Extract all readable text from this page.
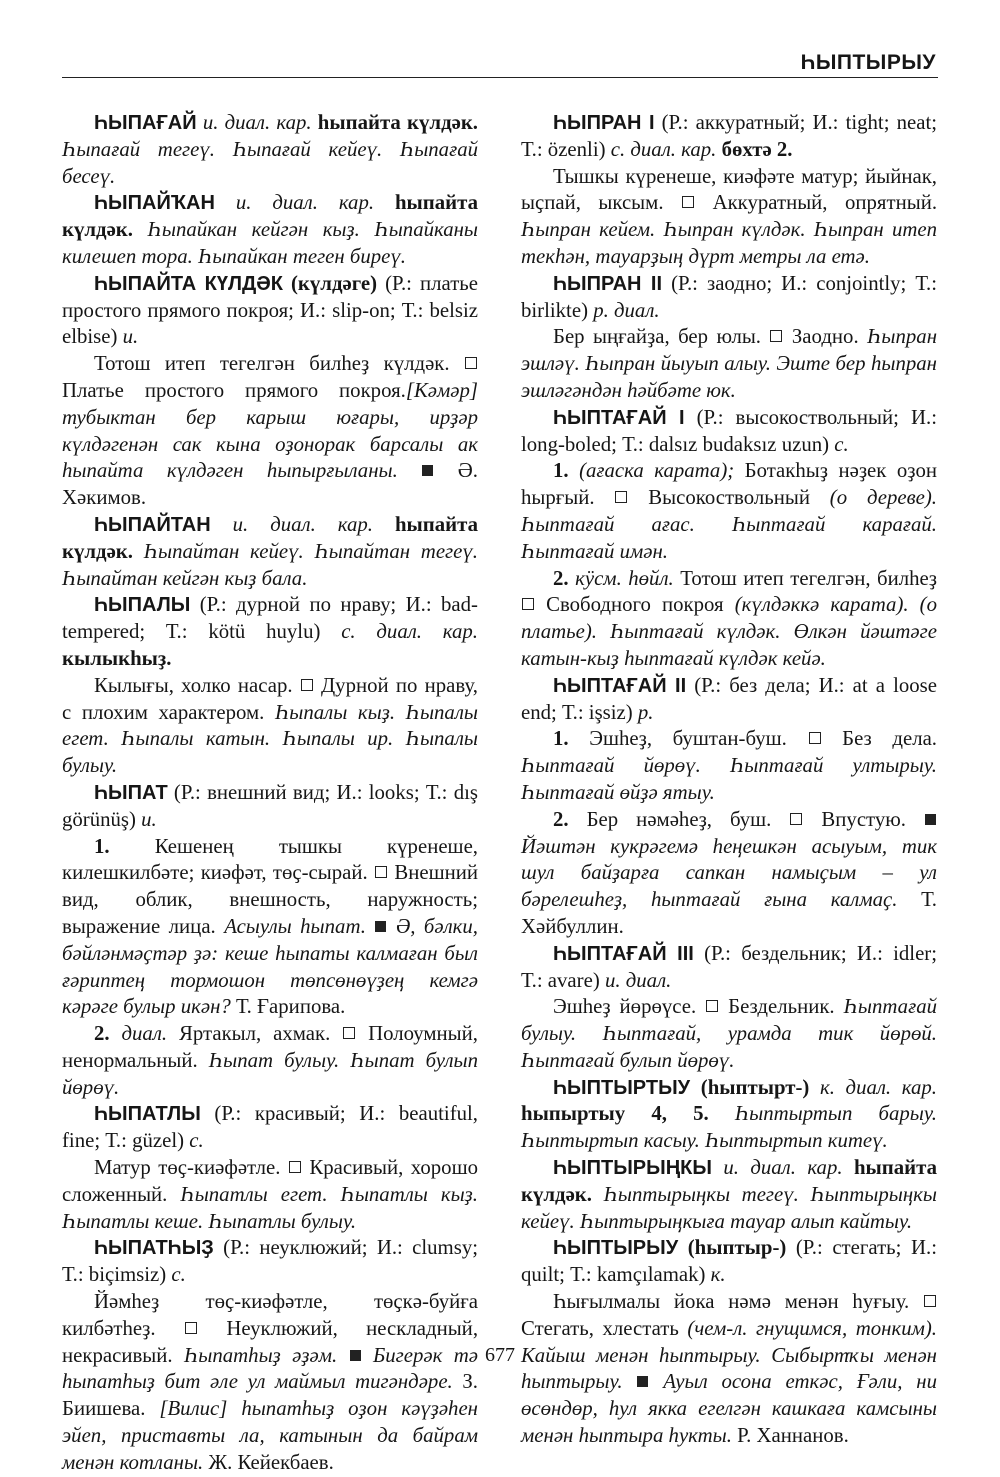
ҺЫПТЫРЫУ

ҺЫПАҒАЙ и. диал. кар. һыпайта күлдәк. Һыпағай тегеү. Һыпағай кейеү. Һыпағай бесеү.

ҺЫПАЙҠАН и. диал. кар. һыпайта күлдәк. Һыпайкан кейгән кыҙ. Һыпайканы килешеп тора. Һыпайкан теген биреү.

ҺЫПАЙТА КҮЛДӘК (күлдәге) (Р.: платье простого прямого покроя; И.: slip-on; Т.: belsiz elbise) и.

Тотош итеп тегелгән билһеҙ күлдәк.  Платье простого прямого покроя.[Кәмәр] тубыктан бер карыш юғары, ирҙәр күлдәгенән сак кына оҙонорак барсалы ак һыпайта күлдәген һыпырғыланы.	Ә. Хәкимов.

ҺЫПАЙТАН и. диал. кар. һыпайта күлдәк. Һыпайтан кейеү. Һыпайтан тегеү. Һыпайтан кейгән кыҙ бала.

ҺЫПАЛЫ (Р.: дурной по нраву; И.: bad-tempered; Т.: kötü huylu) с. диал. кар. кылыкһыҙ.

Кылығы, холко насар. Дурной по нраву, с плохим характером. Һыпалы кыҙ. Һыпалы егет. Һыпалы катын. Һыпалы ир. Һыпалы булыу.

ҺЫПАТ (Р.: внешний вид; И.: looks; Т.: dış görünüş) и.

1. Кешенең тышкы күренеше, килешкилбәте; киәфәт, төҫ-сырай. Внешний вид, облик, внешность, наружность; выражение лица. Асыулы һыпат. Ә, бәлки, бәйләнмәҫтәр ҙә: кеше һыпаты калмаған был ғәриптең тормошон төпсөнөүҙең кемгә кәрәге булыр икән? Т. Ғарипова.

2. диал. Яртакыл, ахмак. Полоумный, ненормальный. Һыпат булыу. Һыпат булып йөрөү.

ҺЫПАТЛЫ (Р.: красивый; И.: beautiful, fine; Т.: güzel) с.

Матур төҫ-киәфәтле. Красивый, хорошо сложенный. Һыпатлы егет. Һыпатлы кыҙ. Һыпатлы кеше. Һыпатлы булыу.

ҺЫПАТҺЫҘ (Р.: неуклюжий; И.: clumsy; Т.: biçimsiz) с.

Йәмһеҙ төҫ-киәфәтле, төҫкә-буйға килбәтһеҙ.	Неуклюжий, нескладный, некрасивый. Һыпатһыҙ әҙәм. Бигерәк тә һыпатһыҙ бит әле ул маймыл тигәндәре. З. Биишева. [Вилис] һыпатһыҙ оҙон кәүҙәһен эйеп, приставты ла, катынын да байрам менән котланы. Ж. Кейекбаев.

ҺЫПРАН I (Р.: аккуратный; И.: tight; neat; Т.: özenli) с. диал. кар. бөхтә 2.

Тышкы күренеше, киәфәте матур; йыйнак, ыҫпай, ыксым. Аккуратный, опрятный. Һыпран кейем. Һыпран күлдәк. Һыпран итеп текһән, тауарҙың дүрт метры ла етә.

ҺЫПРАН II (Р.: заодно; И.: conjointly; Т.: birlikte) р. диал.

Бер ыңғайҙа, бер юлы. Заодно. Һыпран эшләү. Һыпран йыуып алыу. Эште бер һыпран эшләгәндән һәйбәте юк.

ҺЫПТАҒАЙ I (Р.: высокоствольный; И.: long-boled; Т.: dalsız budaksız uzun) с.

1. (ағаска карата); Ботакһыҙ нәҙек оҙон һырғый.	Высокоствольный (о дереве). Һыптағай ағас. Һыптағай карағай. Һыптағай имән.

2. кӱсм. һөйл. Тотош итеп тегелгән, билһеҙ  Свободного покроя (күлдәккә карата). (о платье). Һыптағай күлдәк. Өлкән йәштәге катын-кыҙ һыптағай күлдәк кейә.

ҺЫПТАҒАЙ II (Р.: без дела; И.: at a loose end; Т.: işsiz) р.

1. Эшһеҙ, буштан-буш.	Без дела. Һыптағай йөрөү. Һыптағай ултырыу. Һыптағай өйҙә ятыу.

2. Бер нәмәһеҙ, буш. Впустую.  Йәштән кукрәгемә һеңешкән асыуым, тик шул байҙарға сапкан намыҫым – ул бәрелешһеҙ, һыптағай ғына калмаҫ. Т. Хәйбуллин.

ҺЫПТАҒАЙ III (Р.: бездельник; И.: idler; Т.: avare) и. диал.

Эшһеҙ йөрөүсе. Бездельник. Һыптағай булыу. Һыптағай, урамда тик йөрөй. Һыптағай булып йөрөү.

ҺЫПТЫРТЫУ (һыптырт-) к. диал. кар. һыпыртыу 4, 5. Һыптыртып барыу. Һыптыртып касыу. Һыптыртып китеү.

ҺЫПТЫРЫҢКЫ и. диал. кар. һыпайта күлдәк. Һыптырыңкы тегеү. Һыптырыңкы кейеү. Һыптырыңкыға тауар алып кайтыу.

ҺЫПТЫРЫУ (һыптыр-) (Р.: стегать; И.: quilt; Т.: kamçılamak) к.

Һығылмалы йока нәмә менән һуғыу.  Стегать, хлестать (чем-л. гнущимся, тонким). Кайыш менән һыптырыу. Сыбыртҡы менән һыптырыу. Ауыл осона еткәс, Ғәли, ни өсөндөр, һул якка егелгән кашкаға камсыны менән һыптыра һукты. Р. Ханнанов.

677
